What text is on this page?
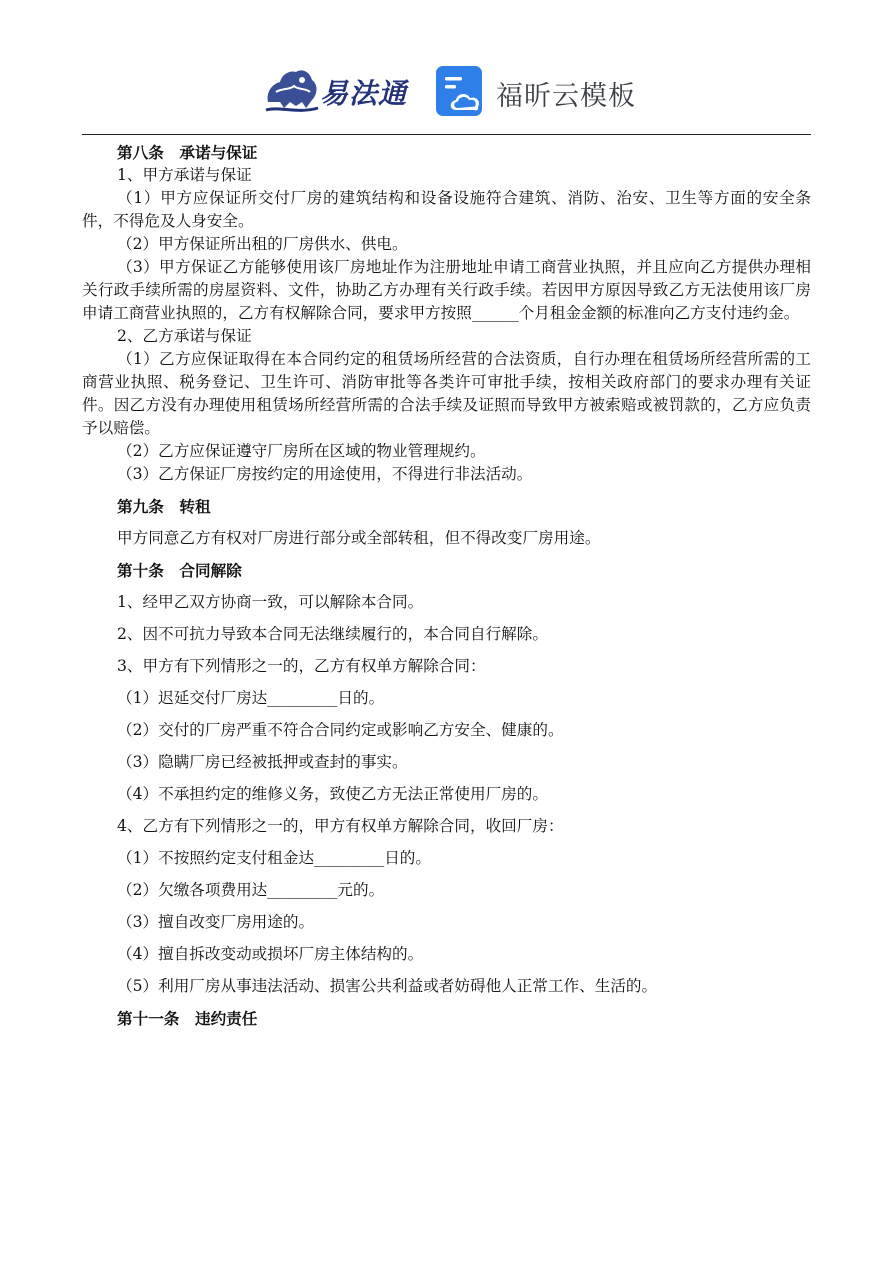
易法通	福昕云模板
第八条　承诺与保证
1、甲方承诺与保证
（1）甲方应保证所交付厂房的建筑结构和设备设施符合建筑、消防、治安、卫生等方面的安全条件，不得危及人身安全。
（2）甲方保证所出租的厂房供水、供电。
（3）甲方保证乙方能够使用该厂房地址作为注册地址申请工商营业执照，并且应向乙方提供办理相关行政手续所需的房屋资料、文件，协助乙方办理有关行政手续。若因甲方原因导致乙方无法使用该厂房申请工商营业执照的，乙方有权解除合同，要求甲方按照______个月租金金额的标准向乙方支付违约金。
2、乙方承诺与保证
（1）乙方应保证取得在本合同约定的租赁场所经营的合法资质，自行办理在租赁场所经营所需的工商营业执照、税务登记、卫生许可、消防审批等各类许可审批手续，按相关政府部门的要求办理有关证件。因乙方没有办理使用租赁场所经营所需的合法手续及证照而导致甲方被索赔或被罚款的，乙方应负责予以赔偿。
（2）乙方应保证遵守厂房所在区域的物业管理规约。
（3）乙方保证厂房按约定的用途使用，不得进行非法活动。
第九条　转租
甲方同意乙方有权对厂房进行部分或全部转租，但不得改变厂房用途。
第十条　合同解除
1、经甲乙双方协商一致，可以解除本合同。
2、因不可抗力导致本合同无法继续履行的，本合同自行解除。
3、甲方有下列情形之一的，乙方有权单方解除合同：
（1）迟延交付厂房达_________日的。
（2）交付的厂房严重不符合合同约定或影响乙方安全、健康的。
（3）隐瞒厂房已经被抵押或查封的事实。
（4）不承担约定的维修义务，致使乙方无法正常使用厂房的。
4、乙方有下列情形之一的，甲方有权单方解除合同，收回厂房：
（1）不按照约定支付租金达_________日的。
（2）欠缴各项费用达_________元的。
（3）擅自改变厂房用途的。
（4）擅自拆改变动或损坏厂房主体结构的。
（5）利用厂房从事违法活动、损害公共利益或者妨碍他人正常工作、生活的。
第十一条　违约责任
